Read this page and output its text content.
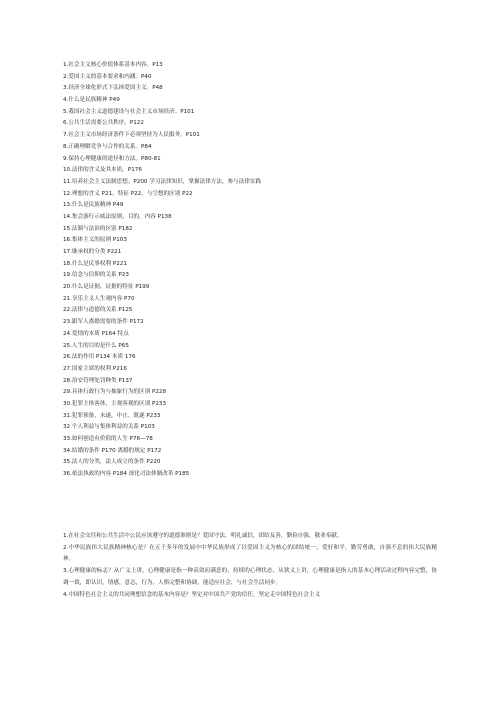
1.社会主义核心价值体系基本内容。P13
2.爱国主义的基本要求和内涵。P40
3.经济全球化形式下弘扬爱国主义。P48
4.什么是民族精神 P49
5.我国社会主义道德建设与社会主义市场经济。P101
6.公共生活需要公共秩序。P122
7.社会主义市场经济条件下必须坚持为人民服务。P101
8.正确理解竞争与合作的关系。P84
9.保持心理健康的途径和方法。P80-81
10.法律的含义及其本质。P176
11.培养社会主义法制思想。P200 学习法律知识，掌握法律方法，参与法律实践
12.理想的含义 P21，特征 P22，与空想的区别 P22
13.什么是民族精神 P49
14.集会游行示威法原则，目的，内容 P138
15.法制与法治的区别 P182
16.集体主义的原则 P103
17.继承权的分类 P221
18.什么是民事权利 P221
19.信念与信仰的关系 P23
20.什么是证据，证据的特征 P199
21.享乐主义人生观内容 P70
22.法律与道德的关系 P125
23.跟军人离婚需要的条件 P172
24.爱情的本质 P164 特点
25.人生的目的是什么 P65
26.法的作用 P134 本质 176
27.国家主席的权利 P216
28.治安管理处罚种类 P137
29.具体行政行为与抽象行为的区别 P228
30.犯罪主体客体，主观客观的区别 P233
31.犯罪预备，未遂，中止，既遂 P233
32.个人利益与集体利益的关系 P103
33.如何创造有价值的人生 P76—78
34.结婚的条件 P170 离婚的规定 P172
35.法人的分类，法人成立的条件 P220
36.依法执政的内容 P184 深化司法体制改革 P185
1.在社会交往和公共生活中公民应该遵守的道德准则是？爱国守法，明礼诚信，团结友善，勤俭自强，敬业奉献。
2.中华民族伟大民族精神核心是？在五千多年的发展中中华民族形成了以爱国主义为核心的团结统一，爱好和平，勤劳勇敢，自强不息的伟大民族精神。
3.心理健康的标志？从广义上讲，心理健康是指一种高效而满意的，持续的心理状态。从狭义上讲，心理健康是指人的基本心理活动过程内容完整，协调一致，即认识，情感，意志，行为，人格完整和协调，能适应社会，与社会生活同步。
4.中国特色社会主义的共同理想信念的基本内容是？坚定对中国共产党的信任，坚定走中国特色社会主义
